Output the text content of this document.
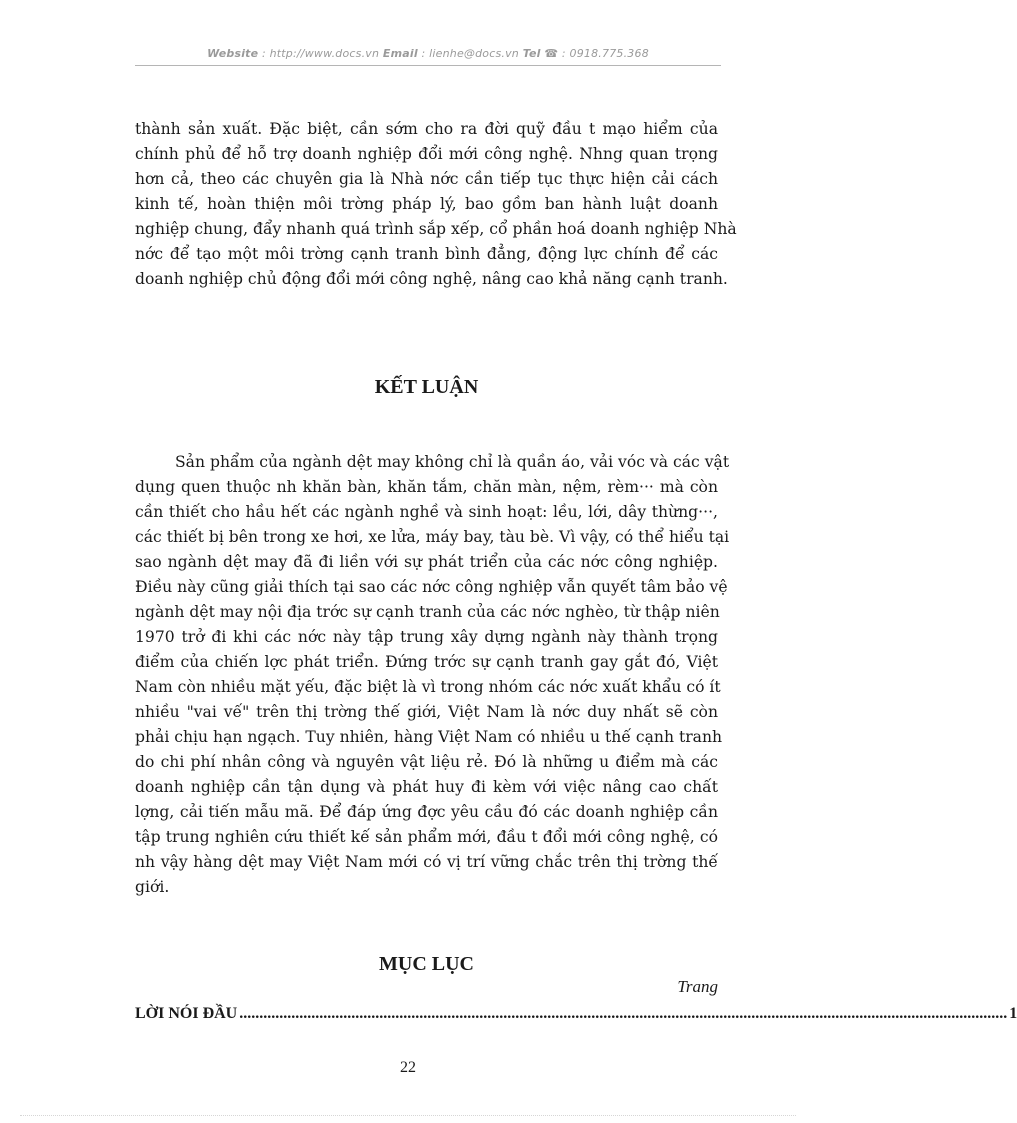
Website : http://www.docs.vn Email : lienhe@docs.vn Tel ☎ : 0918.775.368
thành sản xuất. Đặc biệt, cần sớm cho ra đời quỹ đầu t mạo hiểm của
chính phủ để hỗ trợ doanh nghiệp đổi mới công nghệ. Nhng quan trọng
hơn cả, theo các chuyên gia là Nhà nớc cần tiếp tục thực hiện cải cách
kinh tế, hoàn thiện môi trờng pháp lý, bao gồm ban hành luật doanh
nghiệp chung, đẩy nhanh quá trình sắp xếp, cổ phần hoá doanh nghiệp Nhà
nớc để tạo một môi trờng cạnh tranh bình đẳng, động lực chính để các
doanh nghiệp chủ động đổi mới công nghệ, nâng cao khả năng cạnh tranh.
KẾT LUẬN
Sản phẩm của ngành dệt may không chỉ là quần áo, vải vóc và các vật
dụng quen thuộc nh khăn bàn, khăn tắm, chăn màn, nệm, rèm··· mà còn
cần thiết cho hầu hết các ngành nghề và sinh hoạt: lều, lới, dây thừng···,
các thiết bị bên trong xe hơi, xe lửa, máy bay, tàu bè. Vì vậy, có thể hiểu tại
sao ngành dệt may đã đi liền với sự phát triển của các nớc công nghiệp.
Điều này cũng giải thích tại sao các nớc công nghiệp vẫn quyết tâm bảo vệ
ngành dệt may nội địa trớc sự cạnh tranh của các nớc nghèo, từ thập niên
1970 trở đi khi các nớc này tập trung xây dựng ngành này thành trọng
điểm của chiến lợc phát triển. Đứng trớc sự cạnh tranh gay gắt đó, Việt
Nam còn nhiều mặt yếu, đặc biệt là vì trong nhóm các nớc xuất khẩu có ít
nhiều "vai vế" trên thị trờng thế giới, Việt Nam là nớc duy nhất sẽ còn
phải chịu hạn ngạch. Tuy nhiên, hàng Việt Nam có nhiều u thế cạnh tranh
do chi phí nhân công và nguyên vật liệu rẻ. Đó là những u điểm mà các
doanh nghiệp cần tận dụng và phát huy đi kèm với việc nâng cao chất
lợng, cải tiến mẫu mã. Để đáp ứng đợc yêu cầu đó các doanh nghiệp cần
tập trung nghiên cứu thiết kế sản phẩm mới, đầu t đổi mới công nghệ, có
nh vậy hàng dệt may Việt Nam mới có vị trí vững chắc trên thị trờng thế
giới.
MỤC LỤC
Trang
LỜI NÓI ĐẦU ................................................................................................................................................................................................ 1
22
